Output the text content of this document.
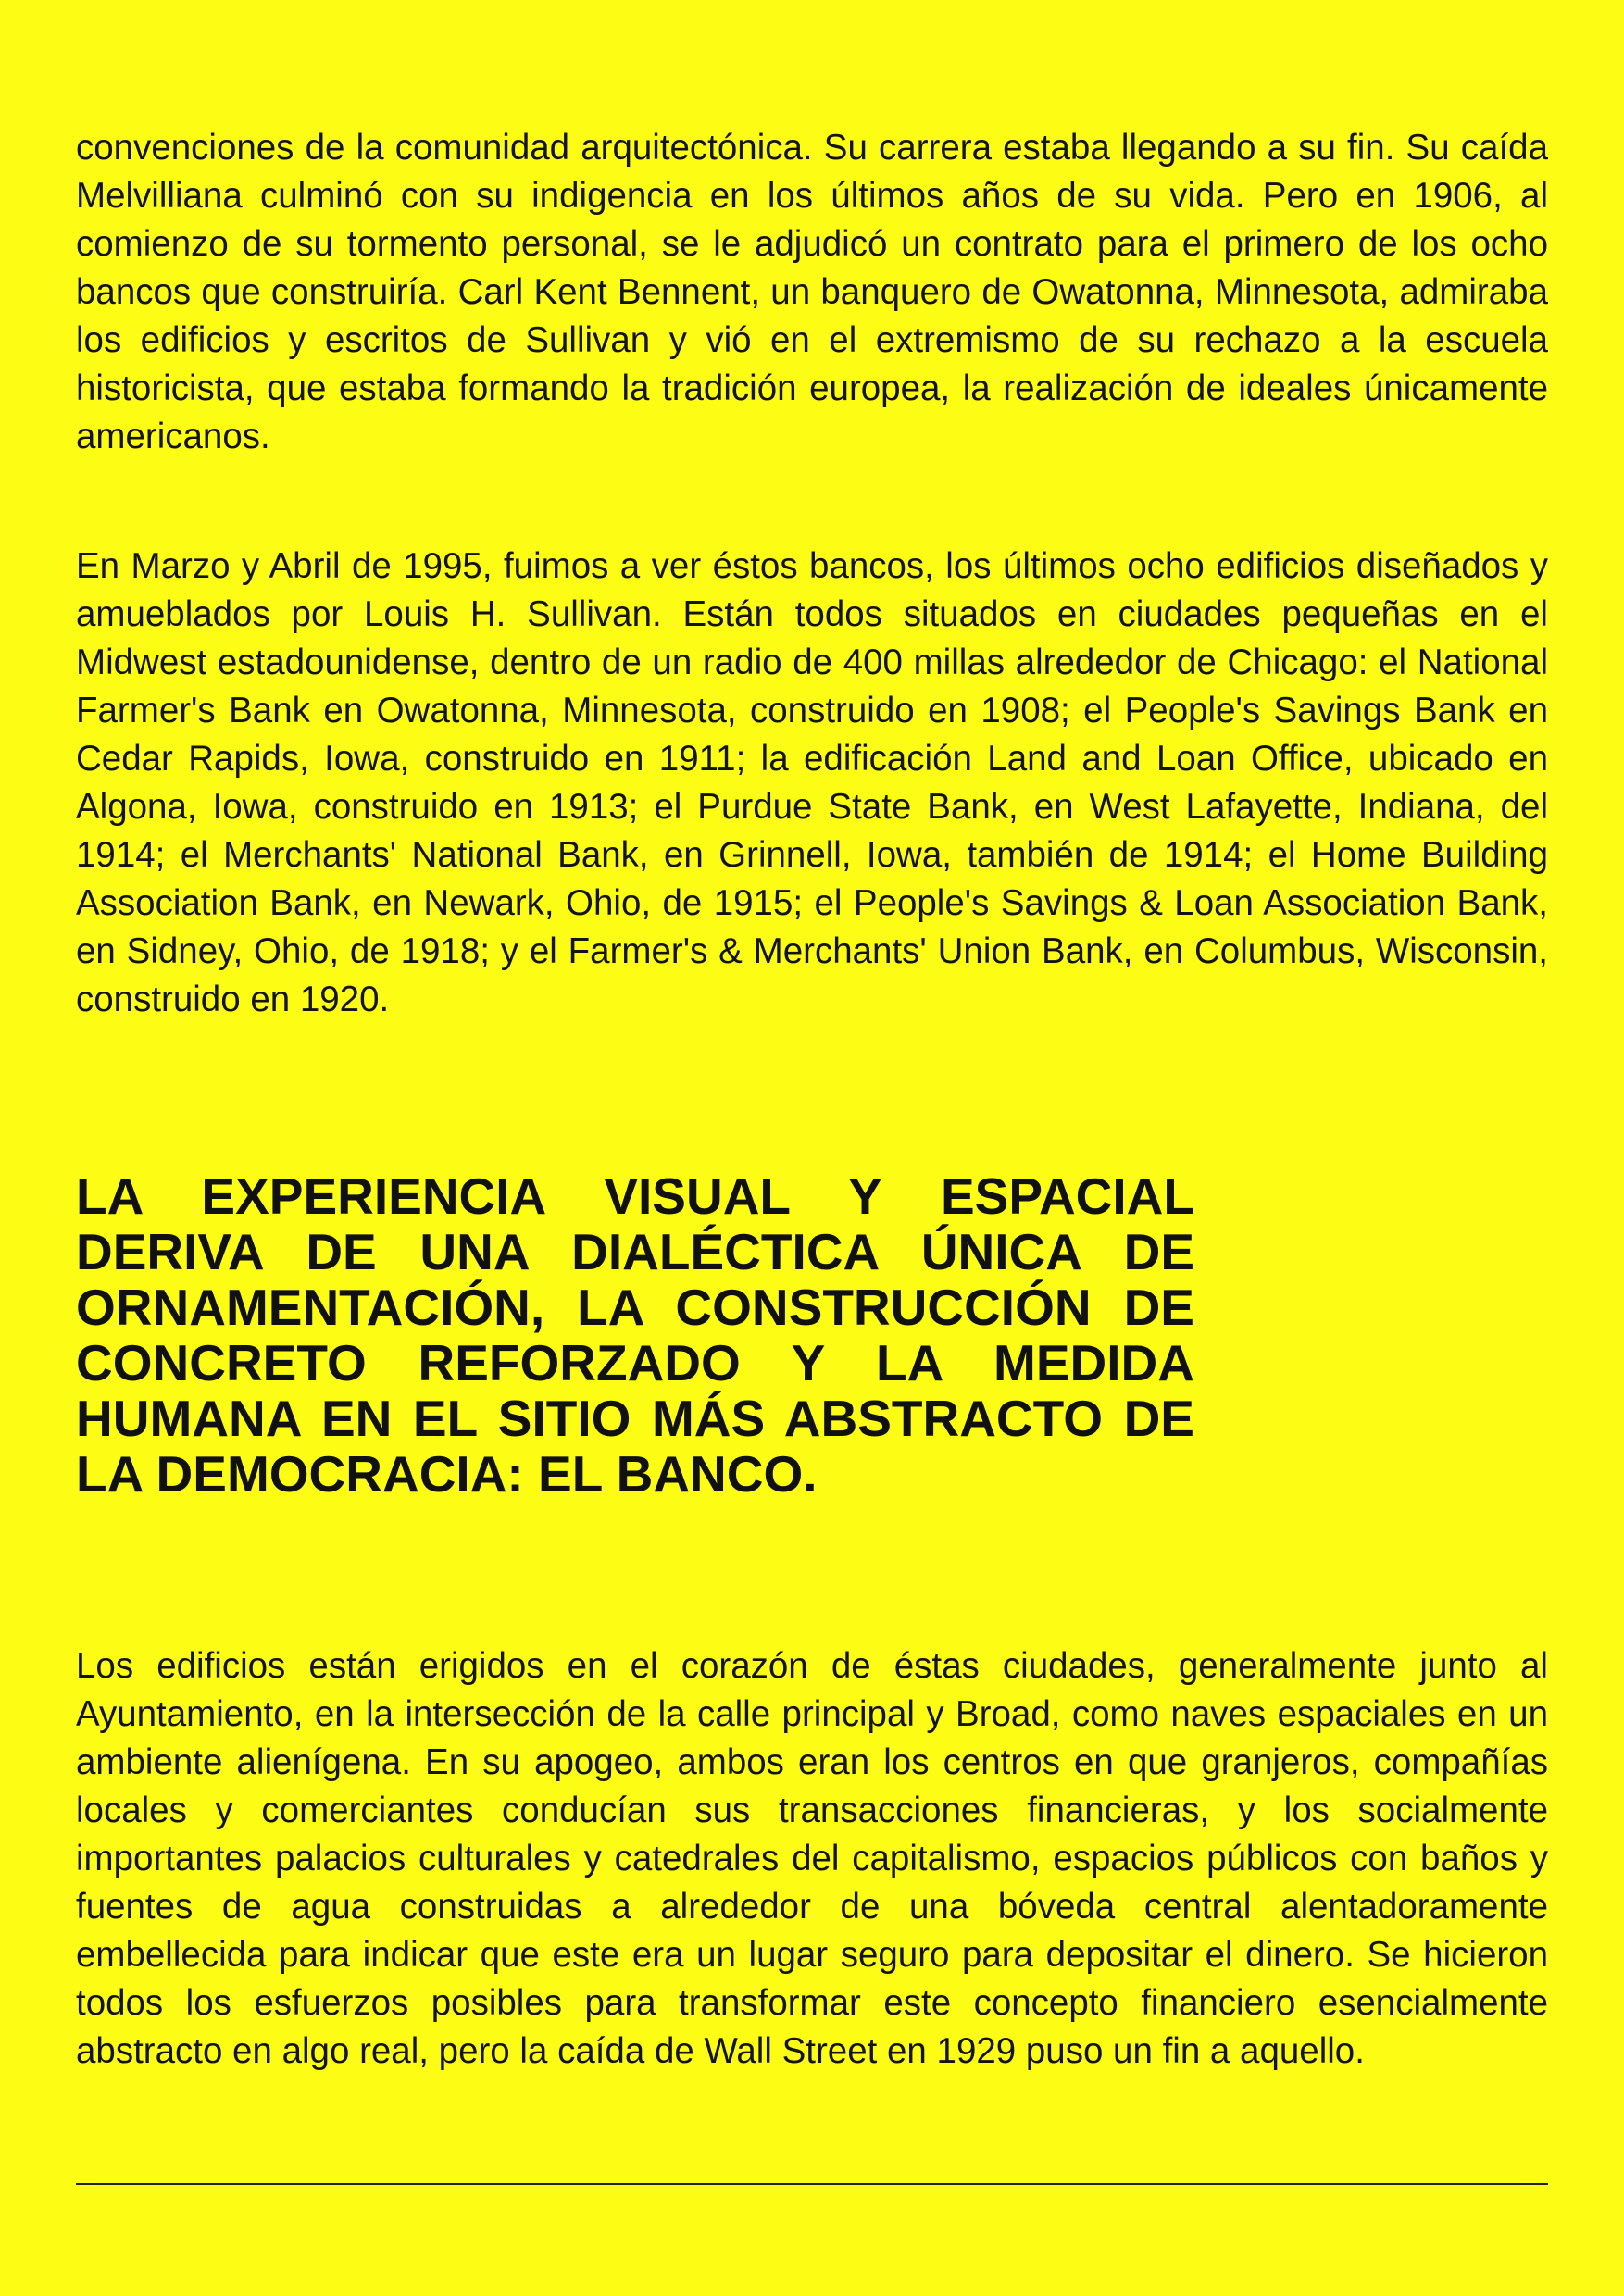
convenciones de la comunidad arquitectónica. Su carrera estaba llegando a su fin. Su caída Melvilliana culminó con su indigencia en los últimos años de su vida. Pero en 1906, al comienzo de su tormento personal, se le adjudicó un contrato para el primero de los ocho bancos que construiría. Carl Kent Bennent, un banquero de Owatonna, Minnesota, admiraba los edificios y escritos de Sullivan y vió en el extremismo de su rechazo a la escuela historicista, que estaba formando la tradición europea, la realización de ideales únicamente americanos.

En Marzo y Abril de 1995, fuimos a ver éstos bancos, los últimos ocho edificios diseñados y amueblados por Louis H. Sullivan. Están todos situados en ciudades pequeñas en el Midwest estadounidense, dentro de un radio de 400 millas alrededor de Chicago: el National Farmer's Bank en Owatonna, Minnesota, construido en 1908; el People's Savings Bank en Cedar Rapids, Iowa, construido en 1911; la edificación Land and Loan Office, ubicado en Algona, Iowa, construido en 1913; el Purdue State Bank, en West Lafayette, Indiana, del 1914; el Merchants' National Bank, en Grinnell, Iowa, también de 1914; el Home Building Association Bank, en Newark, Ohio, de 1915; el People's Savings & Loan Association Bank, en Sidney, Ohio, de 1918; y el Farmer's & Merchants' Union Bank, en Columbus, Wisconsin, construido en 1920.

LA EXPERIENCIA VISUAL Y ESPACIAL DERIVA DE UNA DIALÉCTICA ÚNICA DE ORNAMENTACIÓN, LA CONSTRUCCIÓN DE CONCRETO REFORZADO Y LA MEDIDA HUMANA EN EL SITIO MÁS ABSTRACTO DE LA DEMOCRACIA: EL BANCO.

Los edificios están erigidos en el corazón de éstas ciudades, generalmente junto al Ayuntamiento, en la intersección de la calle principal y Broad, como naves espaciales en un ambiente alienígena. En su apogeo, ambos eran los centros en que granjeros, compañías locales y comerciantes conducían sus transacciones financieras, y los socialmente importantes palacios culturales y catedrales del capitalismo, espacios públicos con baños y fuentes de agua construidas a alrededor de una bóveda central alentadoramente embellecida para indicar que este era un lugar seguro para depositar el dinero. Se hicieron todos los esfuerzos posibles para transformar este concepto financiero esencialmente abstracto en algo real, pero la caída de Wall Street en 1929 puso un fin a aquello.
